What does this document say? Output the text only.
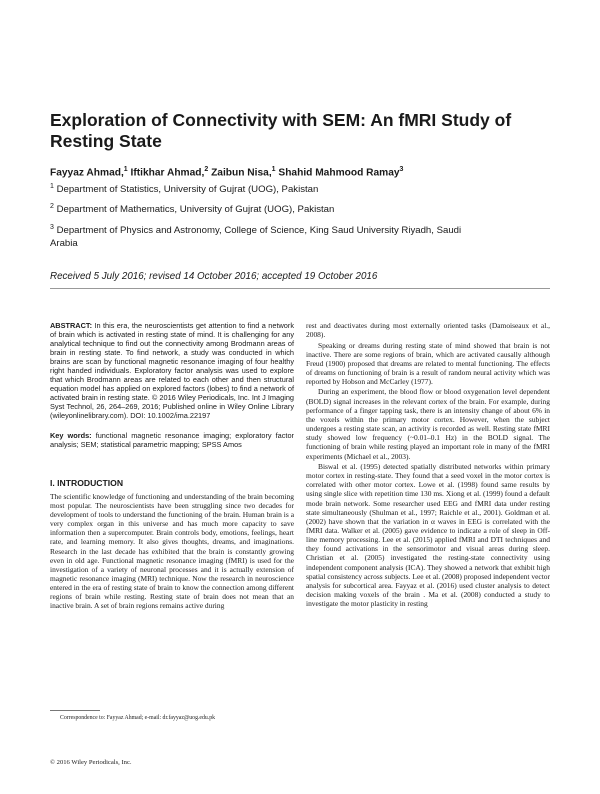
Exploration of Connectivity with SEM: An fMRI Study of Resting State
Fayyaz Ahmad,$^1$ Iftikhar Ahmad,$^2$ Zaibun Nisa,$^1$ Shahid Mahmood Ramay$^3$
$^1$ Department of Statistics, University of Gujrat (UOG), Pakistan
$^2$ Department of Mathematics, University of Gujrat (UOG), Pakistan
$^3$ Department of Physics and Astronomy, College of Science, King Saud University Riyadh, Saudi Arabia
Received 5 July 2016; revised 14 October 2016; accepted 19 October 2016

ABSTRACT: In this era, the neuroscientists get attention to find a network of brain which is activated in resting state of mind. It is challenging for any analytical technique to find out the connectivity among Brodmann areas of brain in resting state. To find network, a study was conducted in which brains are scan by functional magnetic resonance imaging of four healthy right handed individuals. Exploratory factor analysis was used to explore that which Brodmann areas are related to each other and then structural equation model has applied on explored factors (lobes) to find a network of activated brain in resting state. © 2016 Wiley Periodicals, Inc. Int J Imaging Syst Technol, 26, 264–269, 2016; Published online in Wiley Online Library (wileyonlinelibrary.com). DOI: 10.1002/ima.22197

Key words: functional magnetic resonance imaging; exploratory factor analysis; SEM; statistical parametric mapping; SPSS Amos

I. INTRODUCTION

The scientific knowledge of functioning and understanding of the brain becoming most popular. The neuroscientists have been struggling since two decades for development of tools to understand the functioning of the brain. Human brain is a very complex organ in this universe and has much more capacity to save information then a supercomputer. Brain controls body, emotions, feelings, heart rate, and learning memory. It also gives thoughts, dreams, and imaginations. Research in the last decade has exhibited that the brain is constantly growing even in old age. Functional magnetic resonance imaging (fMRI) is used for the investigation of a variety of neuronal processes and it is actually extension of magnetic resonance imaging (MRI) technique. Now the research in neuroscience entered in the era of resting state of brain to know the connection among different regions of brain while resting. Resting state of brain does not mean that an inactive brain. A set of brain regions remains active during

rest and deactivates during most externally oriented tasks (Damoiseaux et al., 2008).

Speaking or dreams during resting state of mind showed that brain is not inactive. There are some regions of brain, which are activated causally although Freud (1900) proposed that dreams are related to mental functioning. The effects of dreams on functioning of brain is a result of random neural activity which was reported by Hobson and McCarley (1977).

During an experiment, the blood flow or blood oxygenation level dependent (BOLD) signal increases in the relevant cortex of the brain. For example, during performance of a finger tapping task, there is an intensity change of about 6% in the voxels within the primary motor cortex. However, when the subject undergoes a resting state scan, an activity is recorded as well. Resting state fMRI study showed low frequency (~0.01–0.1 Hz) in the BOLD signal. The functioning of brain while resting played an important role in many of the fMRI experiments (Michael et al., 2003).

Biswal et al. (1995) detected spatially distributed networks within primary motor cortex in resting-state. They found that a seed voxel in the motor cortex is correlated with other motor cortex. Lowe et al. (1998) found same results by using single slice with repetition time 130 ms. Xiong et al. (1999) found a default mode brain network. Some researcher used EEG and fMRI data under resting state simultaneously (Shulman et al., 1997; Raichle et al., 2001). Goldman et al. (2002) have shown that the variation in α waves in EEG is correlated with the fMRI data. Walker et al. (2005) gave evidence to indicate a role of sleep in Off-line memory processing. Lee et al. (2015) applied fMRI and DTI techniques and they found activations in the sensorimotor and visual areas during sleep. Christian et al. (2005) investigated the resting-state connectivity using independent component analysis (ICA). They showed a network that exhibit high spatial consistency across subjects. Lee et al. (2008) proposed independent vector analysis for subcortical area. Fayyaz et al. (2016) used cluster analysis to detect decision making voxels of the brain . Ma et al. (2008) conducted a study to investigate the motor plasticity in resting

Correspondence to: Fayyaz Ahmad; e-mail: dr.fayyaz@uog.edu.pk
© 2016 Wiley Periodicals, Inc.
